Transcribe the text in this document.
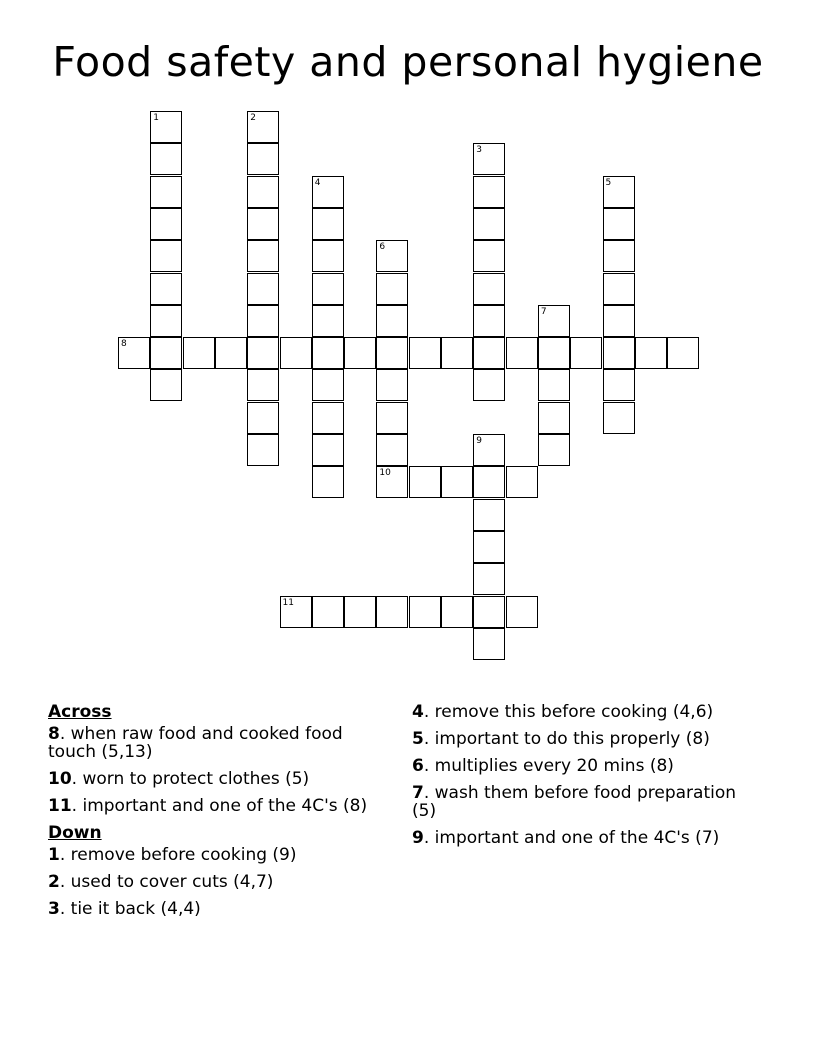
Food safety and personal hygiene
1	2
3
4	5
6
7
8
9
10
11
Across
8. when raw food and cooked food touch (5,13)
10. worn to protect clothes (5)
11. important and one of the 4C's (8)
Down
1. remove before cooking (9)
2. used to cover cuts (4,7)
3. tie it back (4,4)
4. remove this before cooking (4,6)
5. important to do this properly (8)
6. multiplies every 20 mins (8)
7. wash them before food preparation (5)
9. important and one of the 4C's (7)
